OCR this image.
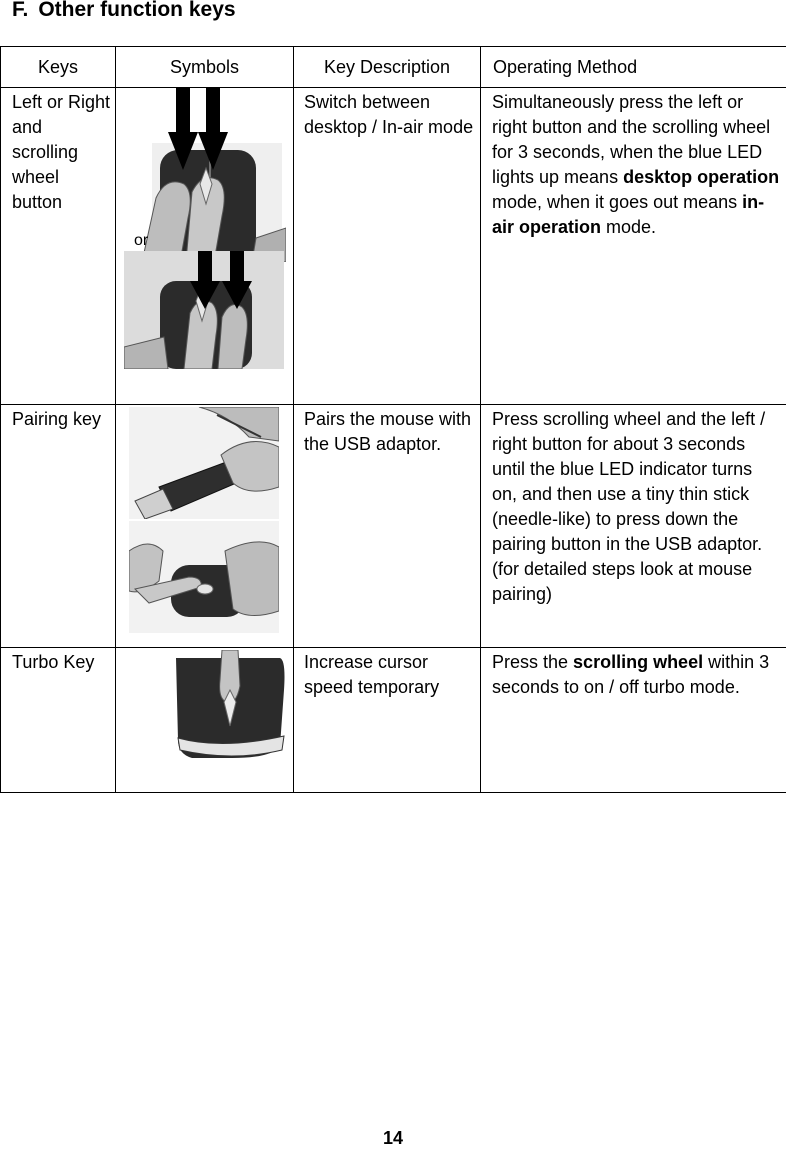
F. Other function keys
Keys	Symbols	Key Description	Operating Method
Left or Right and scrolling wheel button	or	Switch between desktop / In-air mode	Simultaneously press the left or right button and the scrolling wheel for 3 seconds, when the blue LED lights up means desktop operation mode, when it goes out means in-air operation mode.
Pairing key		Pairs the mouse with the USB adaptor.	Press scrolling wheel and the left / right button for about 3 seconds until the blue LED indicator turns on, and then use a tiny thin stick (needle-like) to press down the pairing button in the USB adaptor. (for detailed steps look at mouse pairing)
Turbo Key		Increase cursor speed temporary	Press the scrolling wheel within 3 seconds to on / off turbo mode.
14
